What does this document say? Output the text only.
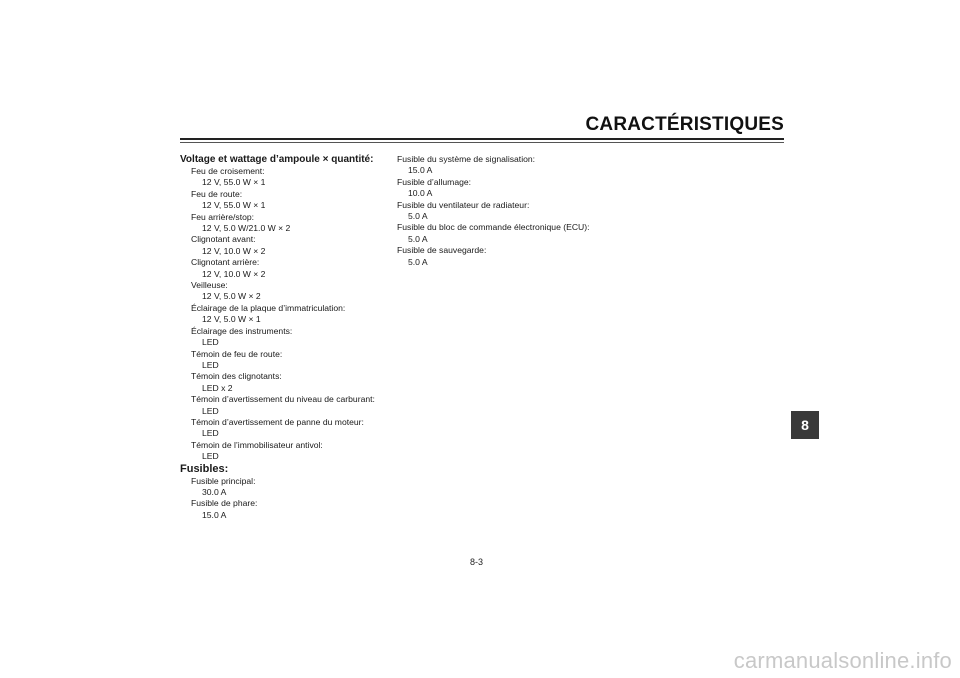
CARACTÉRISTIQUES
8
Voltage et wattage d’ampoule × quantité:
Feu de croisement:
12 V, 55.0 W × 1
Feu de route:
12 V, 55.0 W × 1
Feu arrière/stop:
12 V, 5.0 W/21.0 W × 2
Clignotant avant:
12 V, 10.0 W × 2
Clignotant arrière:
12 V, 10.0 W × 2
Veilleuse:
12 V, 5.0 W × 2
Éclairage de la plaque d’immatriculation:
12 V, 5.0 W × 1
Éclairage des instruments:
LED
Témoin de feu de route:
LED
Témoin des clignotants:
LED x 2
Témoin d’avertissement du niveau de carburant:
LED
Témoin d’avertissement de panne du moteur:
LED
Témoin de l’immobilisateur antivol:
LED
Fusibles:
Fusible principal:
30.0 A
Fusible de phare:
15.0 A
Fusible du système de signalisation:
15.0 A
Fusible d’allumage:
10.0 A
Fusible du ventilateur de radiateur:
5.0 A
Fusible du bloc de commande électronique (ECU):
5.0 A
Fusible de sauvegarde:
5.0 A
8-3
carmanualsonline.info
